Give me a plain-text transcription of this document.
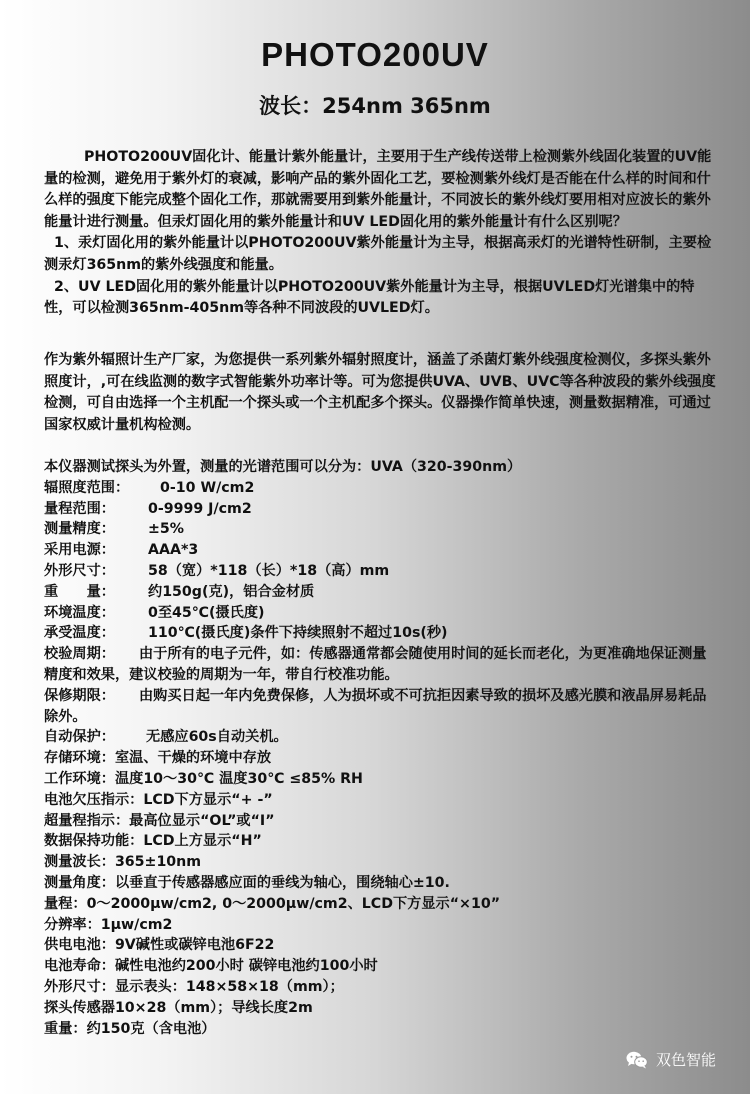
PHOTO200UV
波长：254nm 365nm

PHOTO200UV固化计、能量计紫外能量计，主要用于生产线传送带上检测紫外线固化装置的UV能量的检测，避免用于紫外灯的衰减，影响产品的紫外固化工艺，要检测紫外线灯是否能在什么样的时间和什么样的强度下能完成整个固化工作，那就需要用到紫外能量计，不同波长的紫外线灯要用相对应波长的紫外能量计进行测量。但汞灯固化用的紫外能量计和UV LED固化用的紫外能量计有什么区别呢？

1、汞灯固化用的紫外能量计以PHOTO200UV紫外能量计为主导，根据高汞灯的光谱特性研制，主要检测汞灯365nm的紫外线强度和能量。

2、UV LED固化用的紫外能量计以PHOTO200UV紫外能量计为主导，根据UVLED灯光谱集中的特性，可以检测365nm-405nm等各种不同波段的UVLED灯。

作为紫外辐照计生产厂家，为您提供一系列紫外辐射照度计，涵盖了杀菌灯紫外线强度检测仪，多探头紫外照度计，,可在线监测的数字式智能紫外功率计等。可为您提供UVA、UVB、UVC等各种波段的紫外线强度检测，可自由选择一个主机配一个探头或一个主机配多个探头。仪器操作简单快速，测量数据精准，可通过国家权威计量机构检测。

本仪器测试探头为外置，测量的光谱范围可以分为：UVA（320-390nm）
辐照度范围：	0-10 W/cm2
量程范围：	0-9999 J/cm2
测量精度：	±5%
采用电源：	AAA*3
外形尺寸：	58（宽）*118（长）*18（高）mm
重　　量：	约150g(克)，铝合金材质
环境温度：	0至45℃(摄氏度)
承受温度：	110℃(摄氏度)条件下持续照射不超过10s(秒)
校验周期： 由于所有的电子元件，如：传感器通常都会随使用时间的延长而老化，为更准确地保证测量精度和效果，建议校验的周期为一年，带自行校准功能。
保修期限： 由购买日起一年内免费保修，人为损坏或不可抗拒因素导致的损坏及感光膜和液晶屏易耗品除外。
自动保护：	无感应60s自动关机。
存储环境：室温、干燥的环境中存放
工作环境：温度10～30℃ 温度30℃ ≤85% RH
电池欠压指示：LCD下方显示“+ -”
超量程指示：最高位显示“OL”或“I”
数据保持功能：LCD上方显示“H”
测量波长：365±10nm
测量角度：以垂直于传感器感应面的垂线为轴心，围绕轴心±10.
量程：0～2000μw/cm2, 0～2000μw/cm2、LCD下方显示“×10”
分辨率：1μw/cm2
供电电池：9V碱性或碳锌电池6F22
电池寿命：碱性电池约200小时 碳锌电池约100小时
外形尺寸：显示表头：148×58×18（mm）；
探头传感器10×28（mm）；导线长度2m
重量：约150克（含电池）
双色智能
